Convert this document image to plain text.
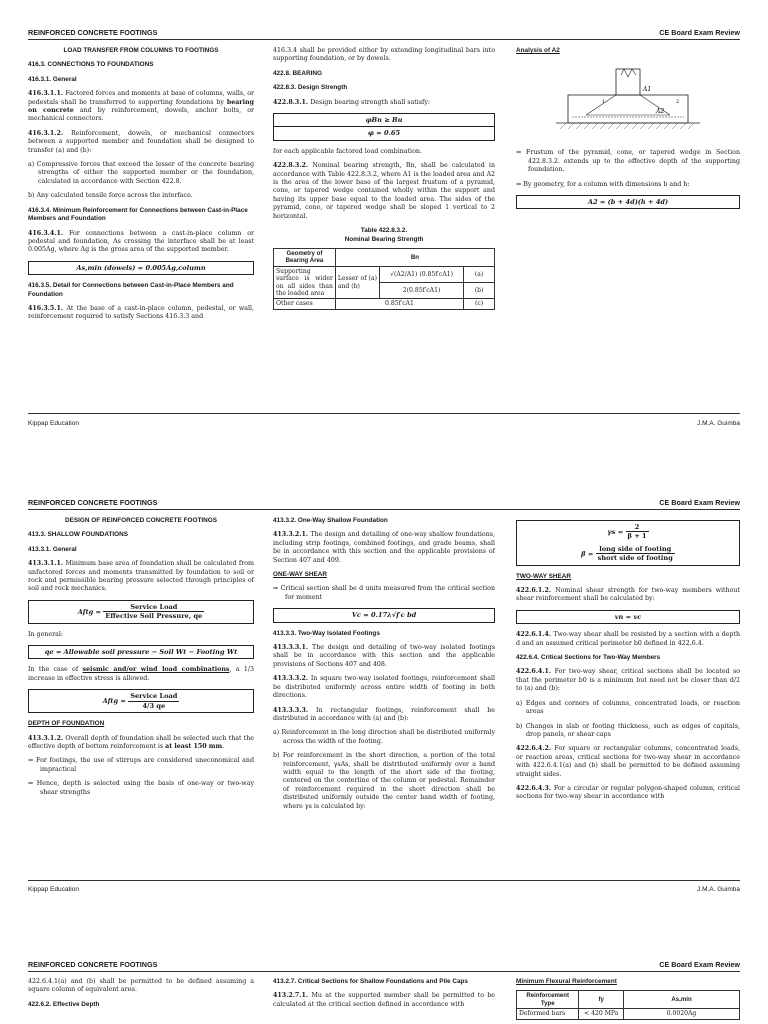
REINFORCED CONCRETE FOOTINGS	CE Board Exam Review
LOAD TRANSFER FROM COLUMNS TO FOOTINGS
416.3. CONNECTIONS TO FOUNDATIONS
416.3.1. General

416.3.1.1. Factored forces and moments at base of columns, walls, or pedestals shall be transferred to supporting foundations by bearing on concrete and by reinforcement, dowels, anchor bolts, or mechanical connectors.

416.3.1.2. Reinforcement, dowels, or mechanical connectors between a supported member and foundation shall be designed to transfer (a) and (b):

a) Compressive forces that exceed the lesser of the concrete bearing strengths of either the supported member or the foundation, calculated in accordance with Section 422.8.

b) Any calculated tensile force across the interface.

416.3.4. Minimum Reinforcement for Connections between Cast-in-Place Members and Foundation

416.3.4.1. For connections between a cast-in-place column or pedestal and foundation, As crossing the interface shall be at least 0.005Ag, where Ag is the gross area of the supported member.

As,min (dowels) = 0.005Ag,column
416.3.5. Detail for Connections between Cast-in-Place Members and Foundation

416.3.5.1. At the base of a cast-in-place column, pedestal, or wall, reinforcement required to satisfy Sections 416.3.3 and

416.3.4 shall be provided either by extending longitudinal bars into supporting foundation, or by dowels.

422.8. BEARING
422.8.3. Design Strength

422.8.3.1. Design bearing strength shall satisfy:

φBn ≥ Bu
φ = 0.65

for each applicable factored load combination.

422.8.3.2. Nominal bearing strength, Bn, shall be calculated in accordance with Table 422.8.3.2, where A1 is the loaded area and A2 is the area of the lower base of the largest frustum of a pyramid, cone, or tapered wedge contained wholly within the support and having its upper base equal to the loaded area. The sides of the pyramid, cone, or tapered wedge shall be sloped 1 vertical to 2 horizontal.

Table 422.8.3.2.
Nominal Bearing Strength
Geometry of Bearing Area	Bn		
Supporting surface is wider on all sides than the loaded area	Lesser of (a) and (b)	√(A2/A1) (0.85f′cA1)	(a)
		2(0.85f′cA1)	(b)
Other cases	0.85f′cA1		(c)
Analysis of A2
A1
A2
1	2

⇒ Frustum of the pyramid, cone, or tapered wedge in Section 422.8.3.2. extends up to the effective depth of the supporting foundation.

⇒ By geometry, for a column with dimensions b and h:

A2 = (b + 4d)(h + 4d)
Kippap Education	J.M.A. Guimba
REINFORCED CONCRETE FOOTINGS	CE Board Exam Review
DESIGN OF REINFORCED CONCRETE FOOTINGS
413.3. SHALLOW FOUNDATIONS
413.3.1. General

413.3.1.1. Minimum base area of foundation shall be calculated from unfactored forces and moments transmitted by foundation to soil or rock and permissible bearing pressure selected through principles of soil and rock mechanics.

Aftg = $\frac{\text{Service Load}}{\text{Effective Soil Pressure, qe}}$

In general:

qe = Allowable soil pressure − Soil Wt − Footing Wt

In the case of seismic and/or wind load combinations, a 1/3 increase in effective stress is allowed.

Aftg = $\frac{\text{Service Load}}{4/3 qe}$
DEPTH OF FOUNDATION

413.3.1.2. Overall depth of foundation shall be selected such that the effective depth of bottom reinforcement is at least 150 mm.

⇒ For footings, the use of stirrups are considered uneconomical and impractical

⇒ Hence, depth is selected using the basis of one-way or two-way shear strengths

413.3.2. One-Way Shallow Foundation

413.3.2.1. The design and detailing of one-way shallow foundations, including strip footings, combined footings, and grade beams, shall be in accordance with this section and the applicable provisions of Section 407 and 409.

ONE-WAY SHEAR

⇒ Critical section shall be d units measured from the critical section for moment

Vc = 0.17λ√f′c bd
413.3.3. Two-Way Isolated Footings

413.3.3.1. The design and detailing of two-way isolated footings shall be in accordance with this section and the applicable provisions of Sections 407 and 408.

413.3.3.2. In square two-way isolated footings, reinforcement shall be distributed uniformly across entire width of footing in both directions.

413.3.3.3. In rectangular footings, reinforcement shall be distributed in accordance with (a) and (b):

a) Reinforcement in the long direction shall be distributed uniformly across the width of the footing.

b) For reinforcement in the short direction, a portion of the total reinforcement, γsAs, shall be distributed uniformly over a band width equal to the length of the short side of the footing, centered on the centerline of the column or pedestal. Remainder of reinforcement required in the short direction shall be distributed uniformly outside the center band width of footing, where γs is calculated by:

$\gamma s = \frac{2}{\beta + 1}$
$\beta = \frac{\text{long side of footing}}{\text{short side of footing}}$
TWO-WAY SHEAR

422.6.1.2. Nominal shear strength for two-way members without shear reinforcement shall be calculated by:

vn = vc

422.6.1.4. Two-way shear shall be resisted by a section with a depth d and an assumed critical perimeter b0 defined in 422.6.4.

422.6.4. Critical Sections for Two-Way Members

422.6.4.1. For two-way shear, critical sections shall be located so that the perimeter b0 is a minimum but need not be closer than d/2 to (a) and (b):

a) Edges and corners of columns, concentrated loads, or reaction areas

b) Changes in slab or footing thickness, such as edges of capitals, drop panels, or shear caps

422.6.4.2. For square or rectangular columns, concentrated loads, or reaction areas, critical sections for two-way shear in accordance with 422.6.4.1(a) and (b) shall be permitted to be defined assuming straight sides.

422.6.4.3. For a circular or regular polygon-shaped column, critical sections for two-way shear in accordance with

Kippap Education	J.M.A. Guimba
REINFORCED CONCRETE FOOTINGS	CE Board Exam Review

422.6.4.1(a) and (b) shall be permitted to be defined assuming a square column of equivalent area.

422.6.2. Effective Depth
413.2.7. Critical Sections for Shallow Foundations and Pile Caps

413.2.7.1. Mu at the supported member shall be permitted to be calculated at the critical section defined in accordance with

Minimum Flexural Reinforcement
Reinforcement Type	fy	As,min
Deformed bars	< 420 MPa	0.0020Ag
